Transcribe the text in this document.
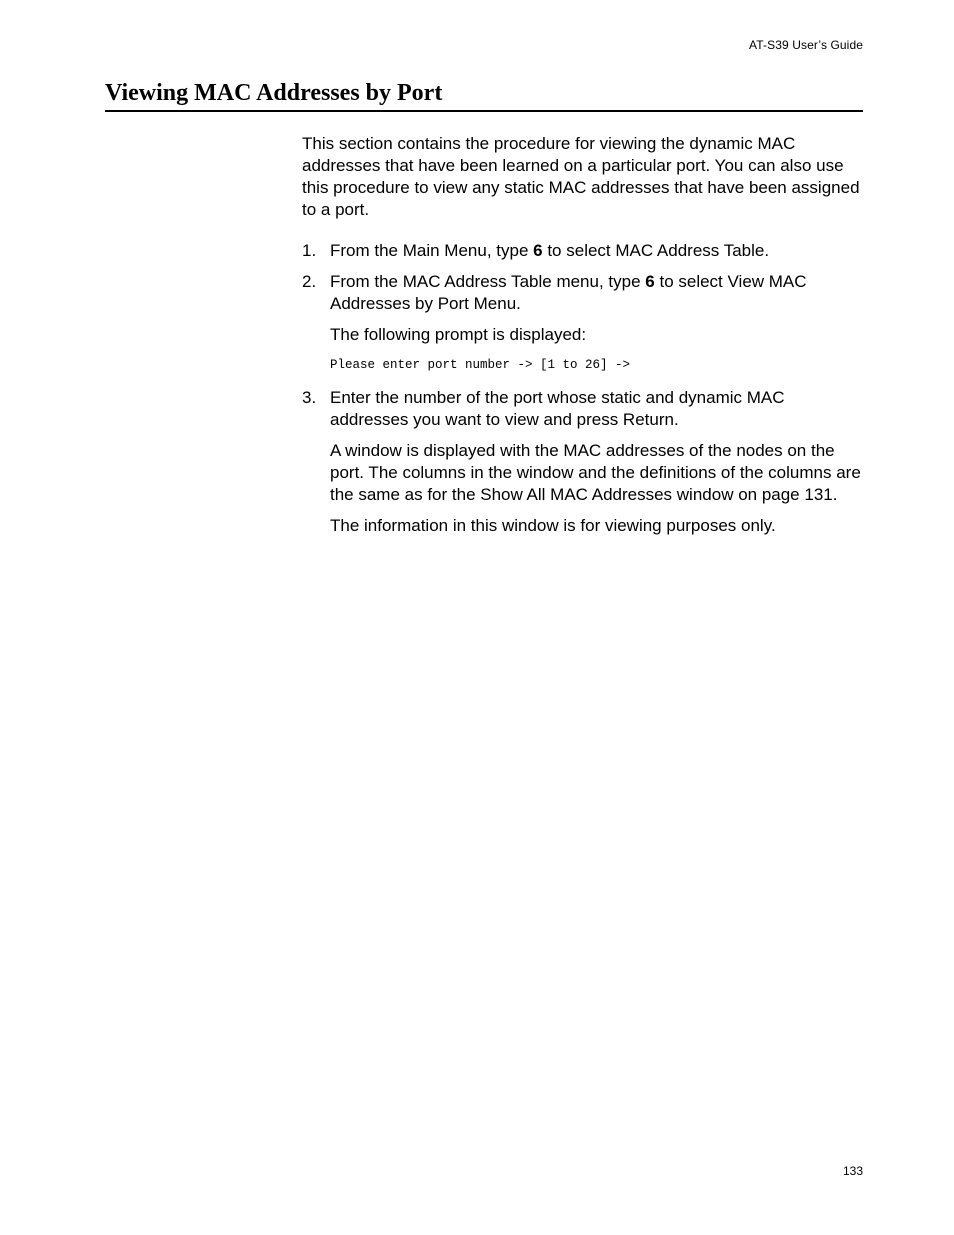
AT-S39 User’s Guide
Viewing MAC Addresses by Port

This section contains the procedure for viewing the dynamic MAC addresses that have been learned on a particular port. You can also use this procedure to view any static MAC addresses that have been assigned to a port.

1. From the Main Menu, type 6 to select MAC Address Table.

2. From the MAC Address Table menu, type 6 to select View MAC Addresses by Port Menu.

The following prompt is displayed:

Please enter port number -> [1 to 26] ->
3. Enter the number of the port whose static and dynamic MAC addresses you want to view and press Return.

A window is displayed with the MAC addresses of the nodes on the port. The columns in the window and the definitions of the columns are the same as for the Show All MAC Addresses window on page 131.

The information in this window is for viewing purposes only.

133
